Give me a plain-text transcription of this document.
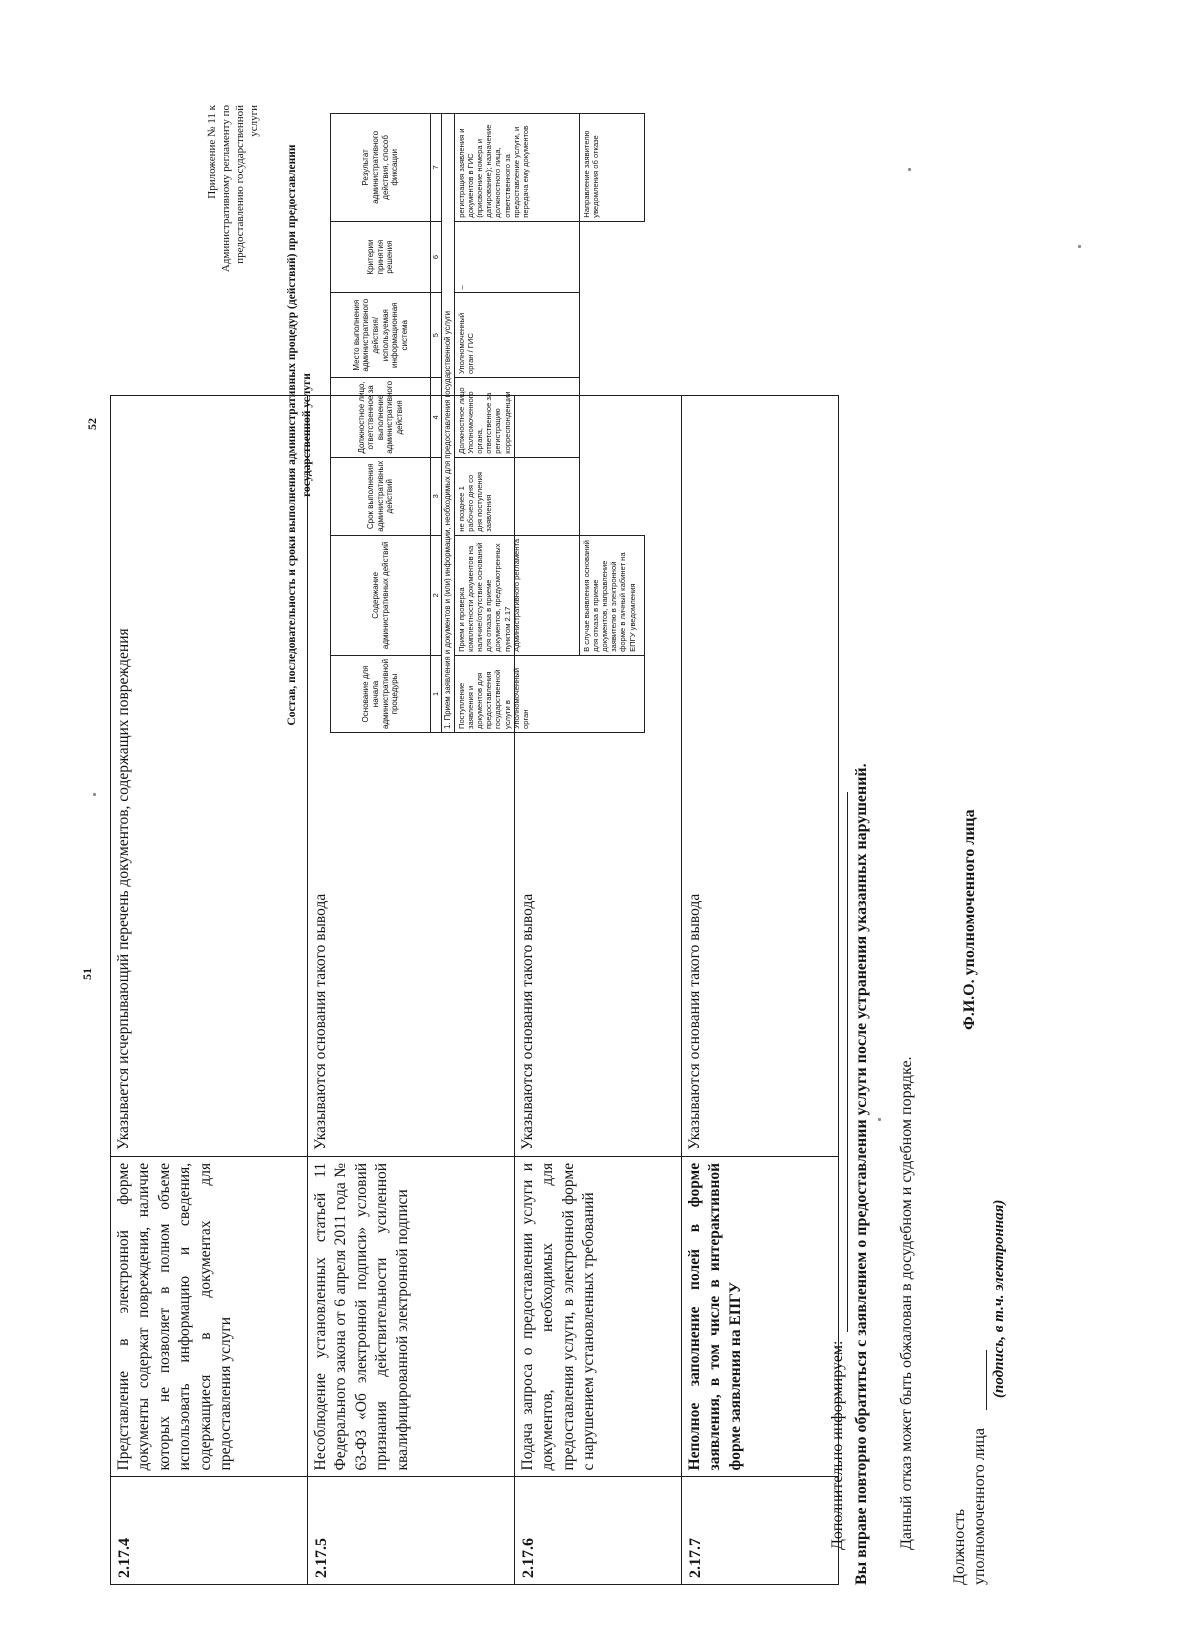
51
2.17.4	Представление в электронной форме документы содержат повреждения, наличие которых не позволяет в полном объеме использовать информацию и сведения, содержащиеся в документах для предоставления услуги	Указывается исчерпывающий перечень документов, содержащих повреждения
2.17.5	Несоблюдение установленных статьей 11 Федерального закона от 6 апреля 2011 года № 63-ФЗ «Об электронной подписи» условий признания действительности усиленной квалифицированной электронной подписи	Указываются основания такого вывода
2.17.6	Подача запроса о предоставлении услуги и документов, необходимых для предоставления услуги, в электронной форме с нарушением установленных требований	Указываются основания такого вывода
2.17.7	Неполное заполнение полей в форме заявления, в том числе в интерактивной форме заявления на ЕПГУ	Указываются основания такого вывода
Дополнительно информируем: Вы вправе повторно обратиться с заявлением о предоставлении услуги после устранения указанных нарушений. Данный отказ может быть обжалован в досудебном и судебном порядке. Должность уполномоченного лица
(подпись, в т.ч. электронная)
Ф.И.О. уполномоченного лица
52
Приложение № 11 к Административному регламенту по предоставлению государственной услуги
Состав, последовательность и сроки выполнения административных процедур (действий) при предоставлении государственной услуги
Основание для начала административной процедуры	Содержание административных действий	Срок выполнения административных действий	Должностное лицо, ответственное за выполнение административного действия	Место выполнения административного действия/ используемая информационная система	Критерии принятия решения	Результат административного действия, способ фиксации
1	2	3	4	5	6	7
1. Прием заявления и документов и (или) информации, необходимых для предоставления государственной услуги						
Поступление заявления и документов для предоставления государственной услуги в Уполномоченный орган	Прием и проверка комплектности документов на наличие/отсутствие оснований для отказа в приеме документов, предусмотренных пунктом 2.17 Административного регламента	не позднее 1 рабочего дня со дня поступления заявления	Должностное лицо Уполномоченного органа, ответственное за регистрацию корреспонденции	Уполномоченный орган / ГИС	–	регистрация заявления и документов в ГИС (присвоение номера и датирование); назначение должностного лица, ответственного за предоставление услуги, и передача ему документов
	В случае выявления оснований для отказа в приеме документов, направление заявителю в электронной форме в личный кабинет на ЕПГУ уведомления					Направление заявителю уведомления об отказе
